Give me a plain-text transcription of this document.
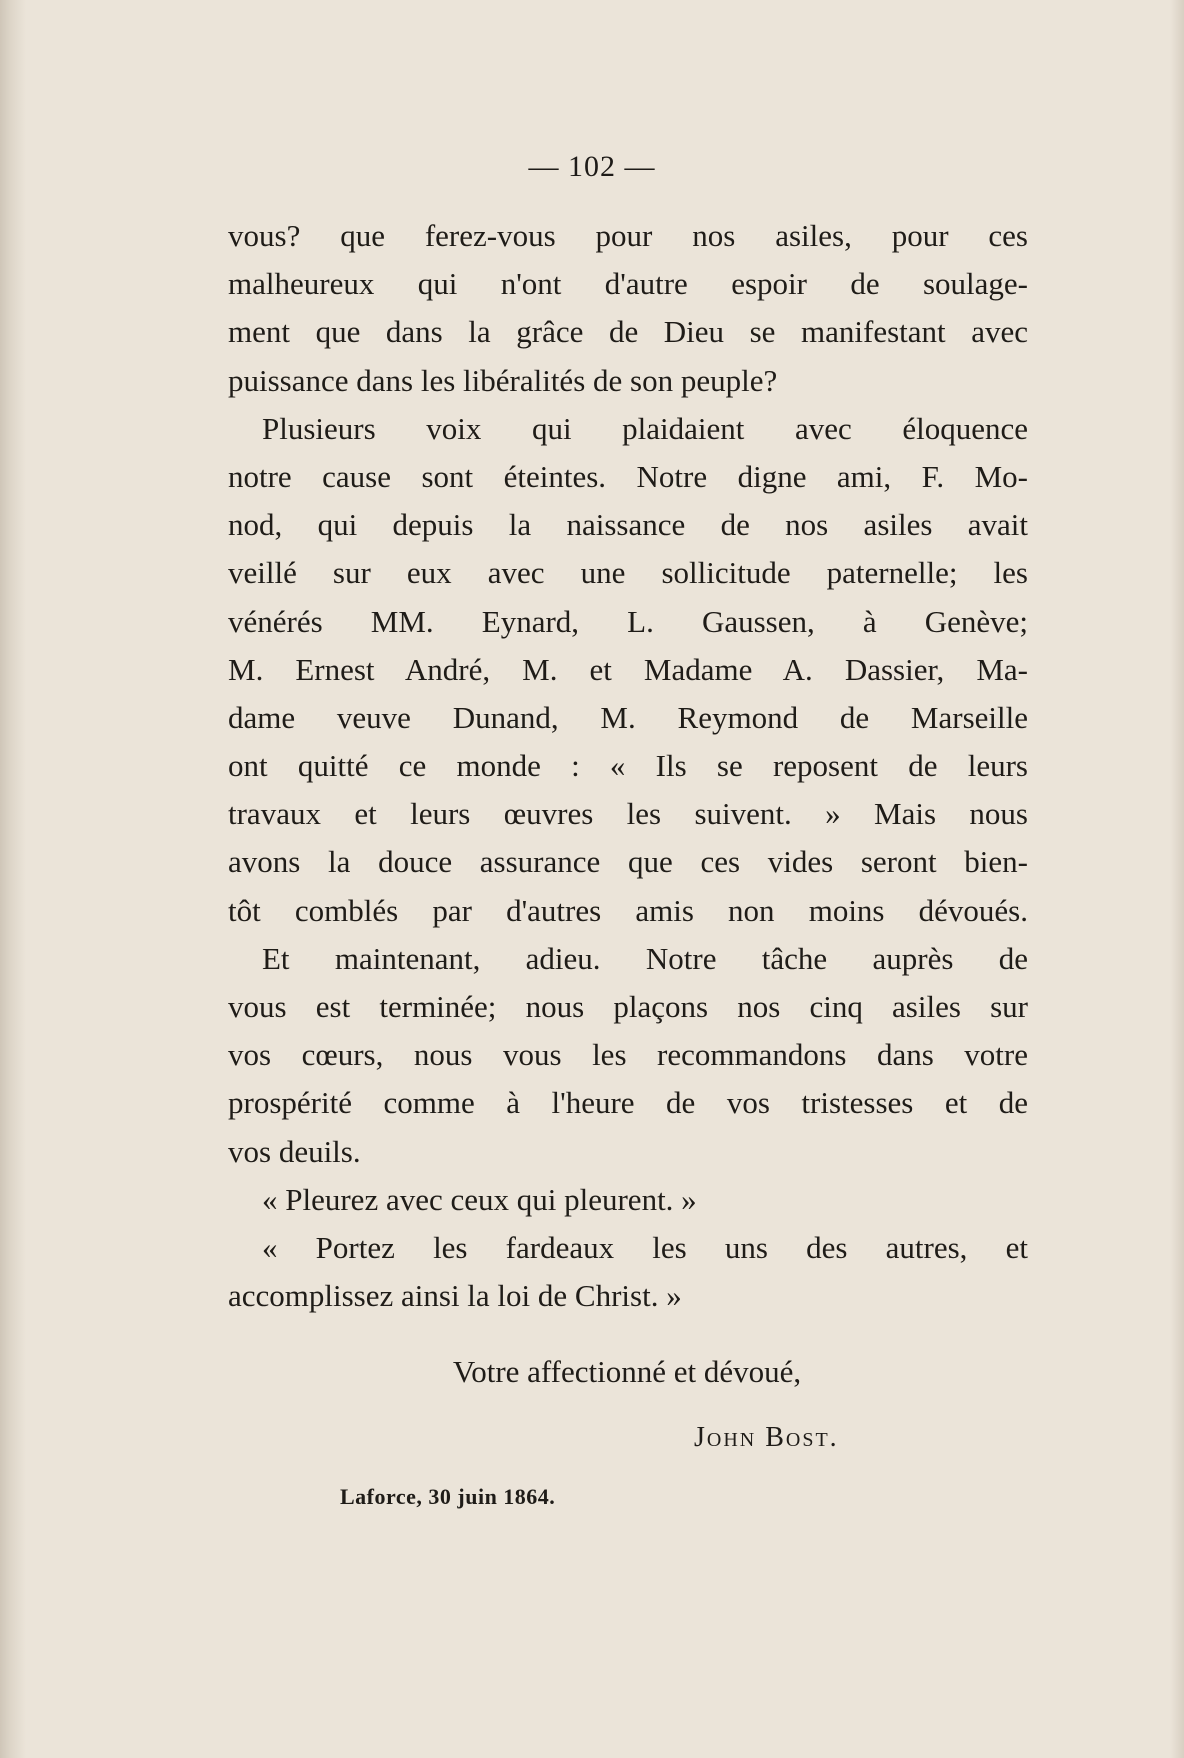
— 102 —
vous? que ferez-vous pour nos asiles, pour ces
malheureux qui n'ont d'autre espoir de soulage-
ment que dans la grâce de Dieu se manifestant avec
puissance dans les libéralités de son peuple?
Plusieurs voix qui plaidaient avec éloquence
notre cause sont éteintes. Notre digne ami, F. Mo-
nod, qui depuis la naissance de nos asiles avait
veillé sur eux avec une sollicitude paternelle; les
vénérés MM. Eynard, L. Gaussen, à Genève;
M. Ernest André, M. et Madame A. Dassier, Ma-
dame veuve Dunand, M. Reymond de Marseille
ont quitté ce monde : « Ils se reposent de leurs
travaux et leurs œuvres les suivent. » Mais nous
avons la douce assurance que ces vides seront bien-
tôt comblés par d'autres amis non moins dévoués.
Et maintenant, adieu. Notre tâche auprès de
vous est terminée; nous plaçons nos cinq asiles sur
vos cœurs, nous vous les recommandons dans votre
prospérité comme à l'heure de vos tristesses et de
vos deuils.
« Pleurez avec ceux qui pleurent. »
« Portez les fardeaux les uns des autres, et
accomplissez ainsi la loi de Christ. »
Votre affectionné et dévoué,
John Bost.
Laforce, 30 juin 1864.
